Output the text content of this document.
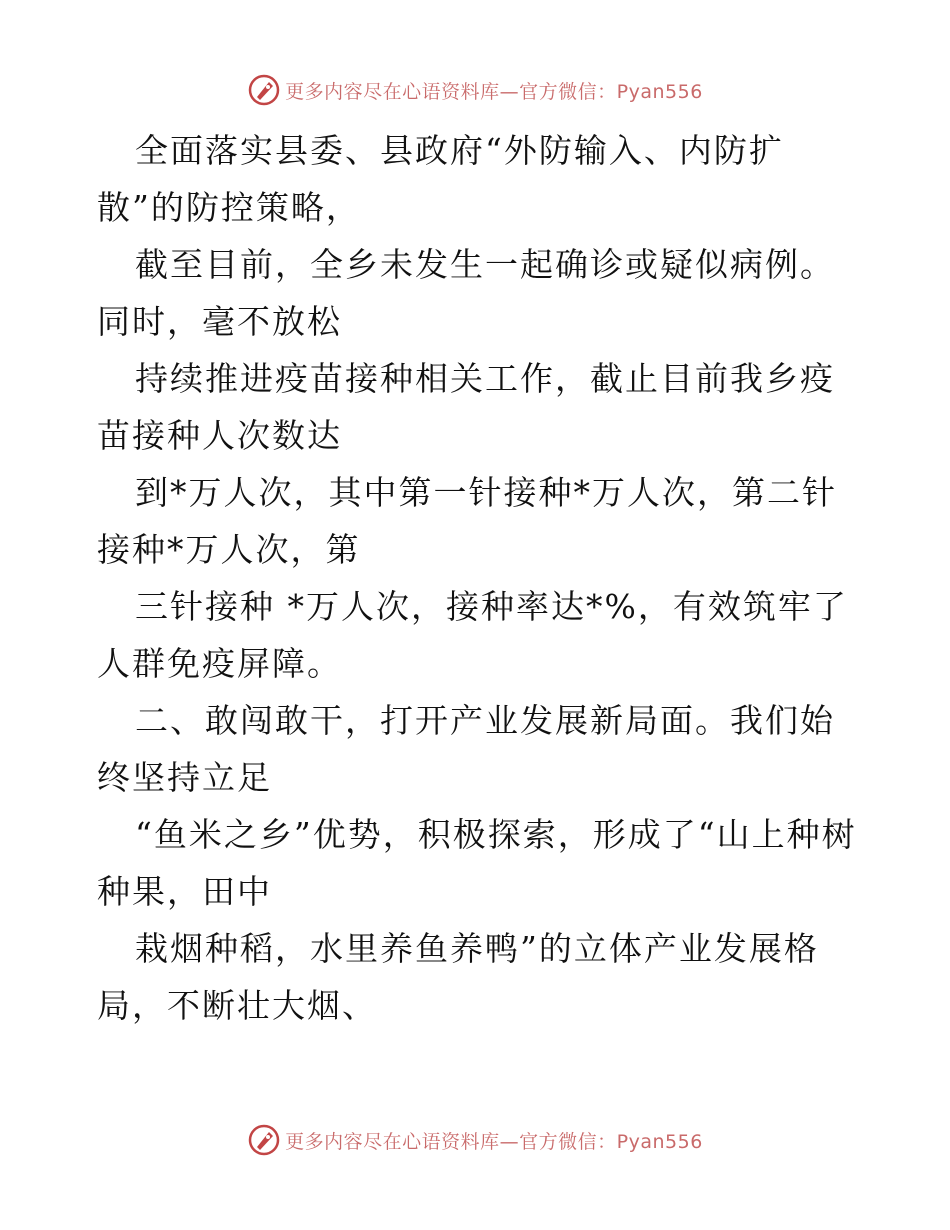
更多内容尽在心语资料库—官方微信：Pyan556

全面落实县委、县政府“外防输入、内防扩散”的防控策略，

截至目前，全乡未发生一起确诊或疑似病例。同时，毫不放松

持续推进疫苗接种相关工作，截止目前我乡疫苗接种人次数达

到*万人次，其中第一针接种*万人次，第二针接种*万人次，第

三针接种 *万人次，接种率达*%，有效筑牢了人群免疫屏障。

二、敢闯敢干，打开产业发展新局面。我们始终坚持立足

“鱼米之乡”优势，积极探索，形成了“山上种树种果，田中

栽烟种稻，水里养鱼养鸭”的立体产业发展格局，不断壮大烟、

更多内容尽在心语资料库—官方微信：Pyan556
